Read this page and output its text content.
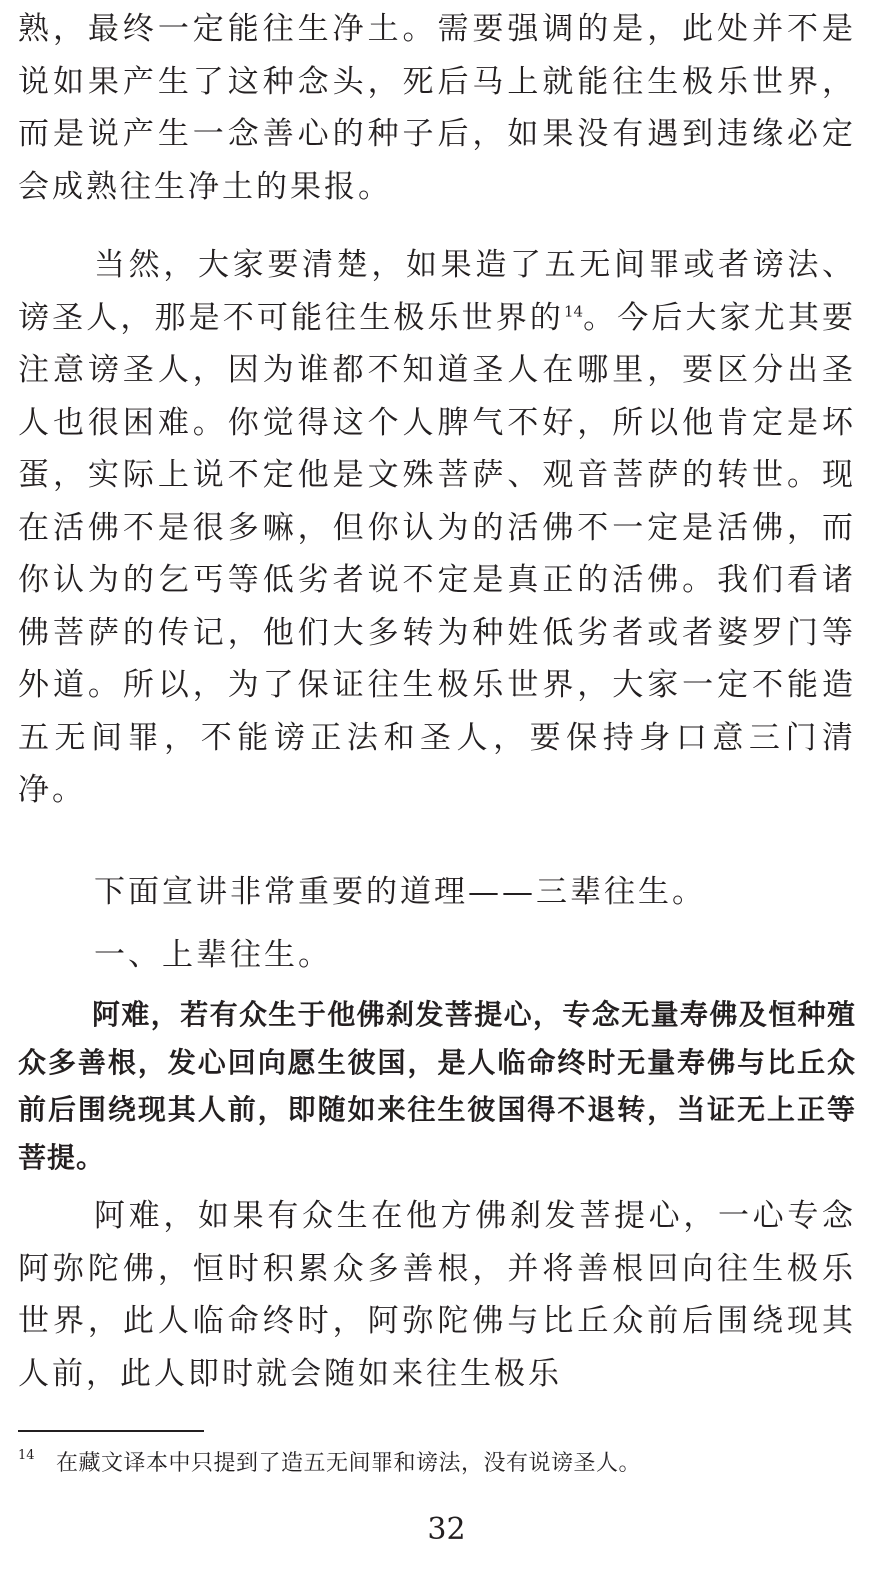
熟，最终一定能往生净土。需要强调的是，此处并不是说如果产生了这种念头，死后马上就能往生极乐世界，而是说产生一念善心的种子后，如果没有遇到违缘必定会成熟往生净土的果报。

当然，大家要清楚，如果造了五无间罪或者谤法、谤圣人，那是不可能往生极乐世界的$^{14}$。今后大家尤其要注意谤圣人，因为谁都不知道圣人在哪里，要区分出圣人也很困难。你觉得这个人脾气不好，所以他肯定是坏蛋，实际上说不定他是文殊菩萨、观音菩萨的转世。现在活佛不是很多嘛，但你认为的活佛不一定是活佛，而你认为的乞丐等低劣者说不定是真正的活佛。我们看诸佛菩萨的传记，他们大多转为种姓低劣者或者婆罗门等外道。所以，为了保证往生极乐世界，大家一定不能造五无间罪，不能谤正法和圣人，要保持身口意三门清净。

下面宣讲非常重要的道理——三辈往生。

一、上辈往生。

阿难，若有众生于他佛刹发菩提心，专念无量寿佛及恒种殖众多善根，发心回向愿生彼国，是人临命终时无量寿佛与比丘众前后围绕现其人前，即随如来往生彼国得不退转，当证无上正等菩提。

阿难，如果有众生在他方佛刹发菩提心，一心专念阿弥陀佛，恒时积累众多善根，并将善根回向往生极乐世界，此人临命终时，阿弥陀佛与比丘众前后围绕现其人前，此人即时就会随如来往生极乐

14 在藏文译本中只提到了造五无间罪和谤法，没有说谤圣人。
32
